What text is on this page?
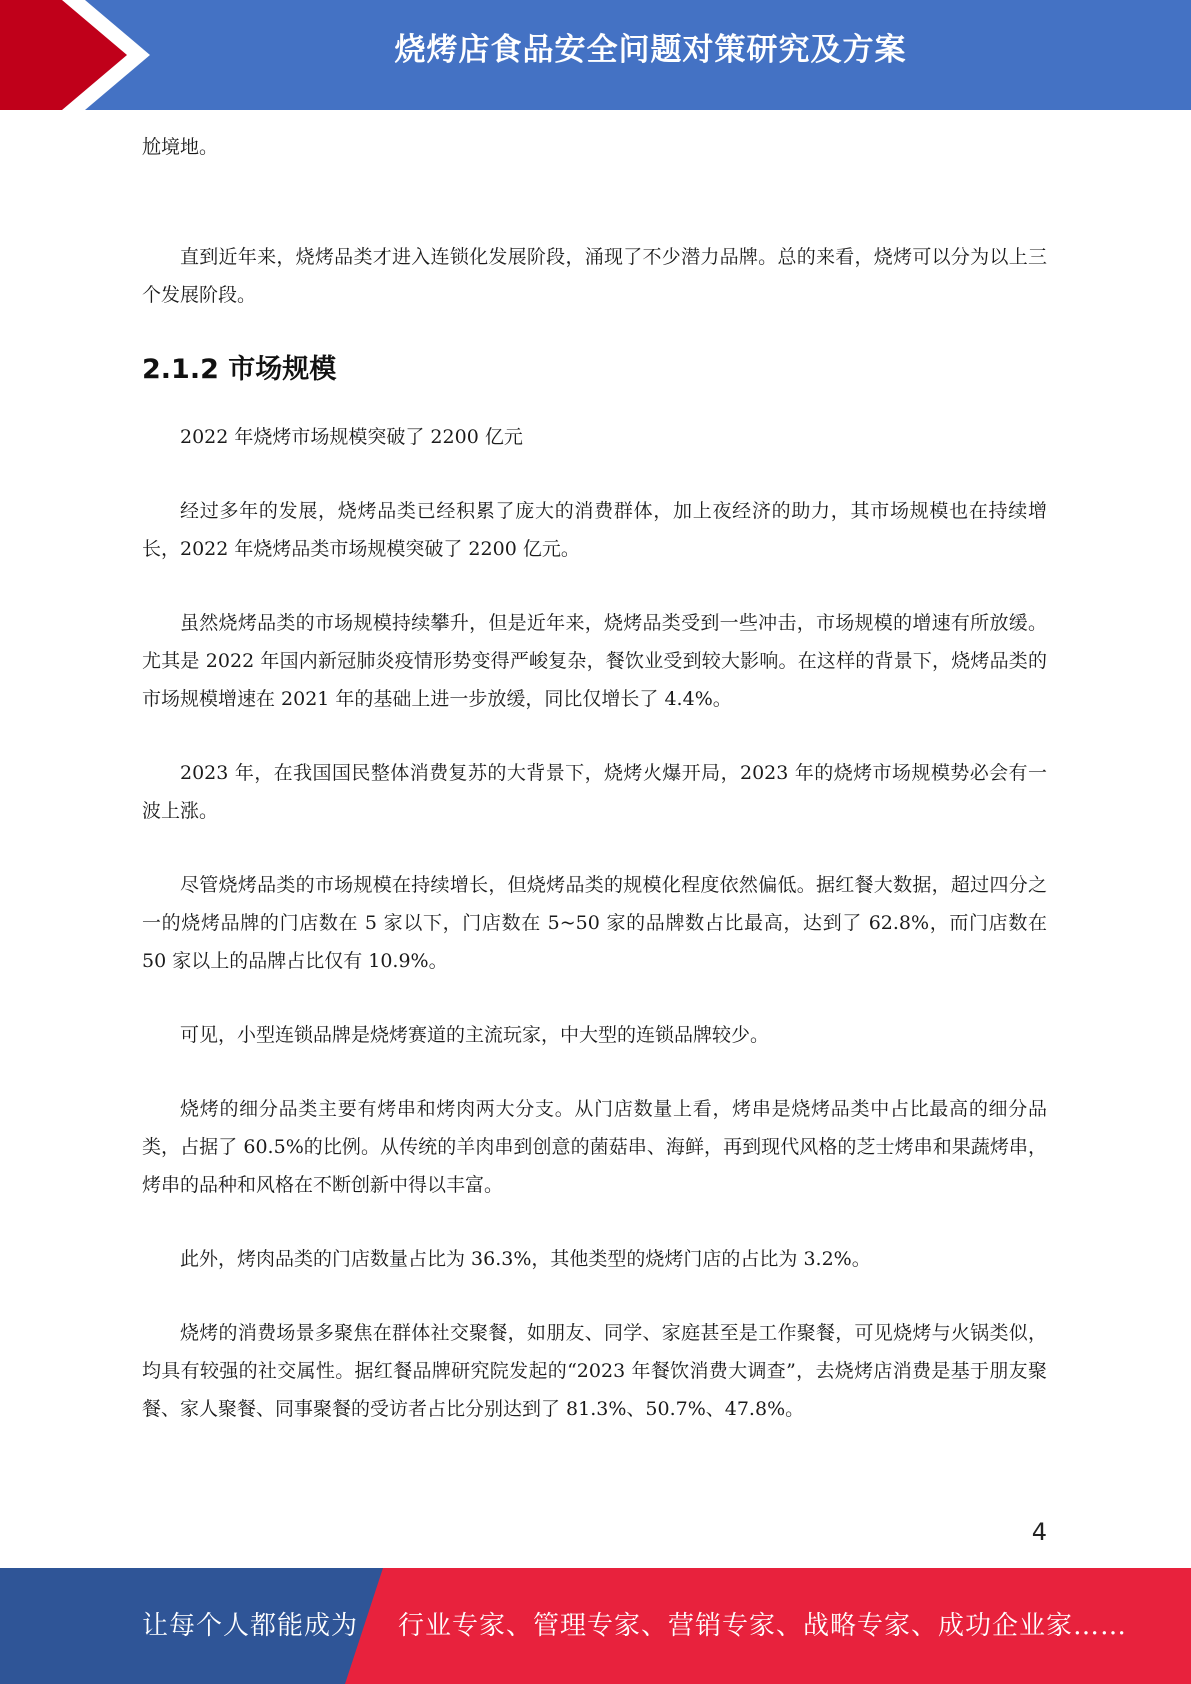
烧烤店食品安全问题对策研究及方案

尬境地。

直到近年来，烧烤品类才进入连锁化发展阶段，涌现了不少潜力品牌。总的来看，烧烤可以分为以上三个发展阶段。

2.1.2 市场规模

2022 年烧烤市场规模突破了 2200 亿元

经过多年的发展，烧烤品类已经积累了庞大的消费群体，加上夜经济的助力，其市场规模也在持续增长，2022 年烧烤品类市场规模突破了 2200 亿元。

虽然烧烤品类的市场规模持续攀升，但是近年来，烧烤品类受到一些冲击，市场规模的增速有所放缓。尤其是 2022 年国内新冠肺炎疫情形势变得严峻复杂，餐饮业受到较大影响。在这样的背景下，烧烤品类的市场规模增速在 2021 年的基础上进一步放缓，同比仅增长了 4.4%。

2023 年，在我国国民整体消费复苏的大背景下，烧烤火爆开局，2023 年的烧烤市场规模势必会有一波上涨。

尽管烧烤品类的市场规模在持续增长，但烧烤品类的规模化程度依然偏低。据红餐大数据，超过四分之一的烧烤品牌的门店数在 5 家以下，门店数在 5~50 家的品牌数占比最高，达到了 62.8%，而门店数在 50 家以上的品牌占比仅有 10.9%。

可见，小型连锁品牌是烧烤赛道的主流玩家，中大型的连锁品牌较少。

烧烤的细分品类主要有烤串和烤肉两大分支。从门店数量上看，烤串是烧烤品类中占比最高的细分品类，占据了 60.5%的比例。从传统的羊肉串到创意的菌菇串、海鲜，再到现代风格的芝士烤串和果蔬烤串，烤串的品种和风格在不断创新中得以丰富。

此外，烤肉品类的门店数量占比为 36.3%，其他类型的烧烤门店的占比为 3.2%。

烧烤的消费场景多聚焦在群体社交聚餐，如朋友、同学、家庭甚至是工作聚餐，可见烧烤与火锅类似，均具有较强的社交属性。据红餐品牌研究院发起的“2023 年餐饮消费大调查”，去烧烤店消费是基于朋友聚餐、家人聚餐、同事聚餐的受访者占比分别达到了 81.3%、50.7%、47.8%。

4
让每个人都能成为 行业专家、管理专家、营销专家、战略专家、成功企业家……
